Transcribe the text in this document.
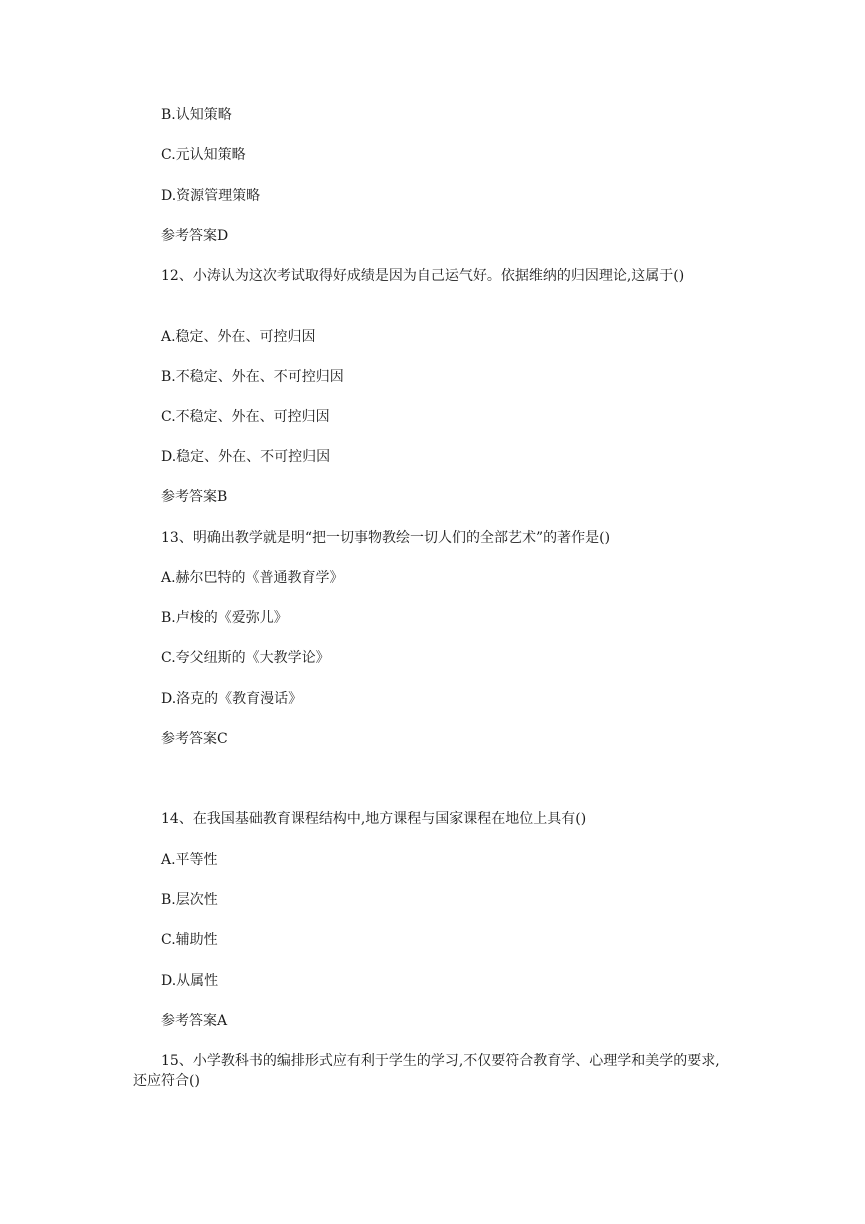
B.认知策略
C.元认知策略
D.资源管理策略
参考答案D
12、小涛认为这次考试取得好成绩是因为自己运气好。依据维纳的归因理论,这属于()
A.稳定、外在、可控归因
B.不稳定、外在、不可控归因
C.不稳定、外在、可控归因
D.稳定、外在、不可控归因
参考答案B
13、明确出教学就是明“把一切事物教绘一切人们的全部艺术”的著作是()
A.赫尔巴特的《普通教育学》
B.卢梭的《爱弥儿》
C.夸父纽斯的《大教学论》
D.洛克的《教育漫话》
参考答案C
14、在我国基础教育课程结构中,地方课程与国家课程在地位上具有()
A.平等性
B.层次性
C.辅助性
D.从属性
参考答案A
15、小学教科书的编排形式应有利于学生的学习,不仅要符合教育学、心理学和美学的要求,还应符合()
